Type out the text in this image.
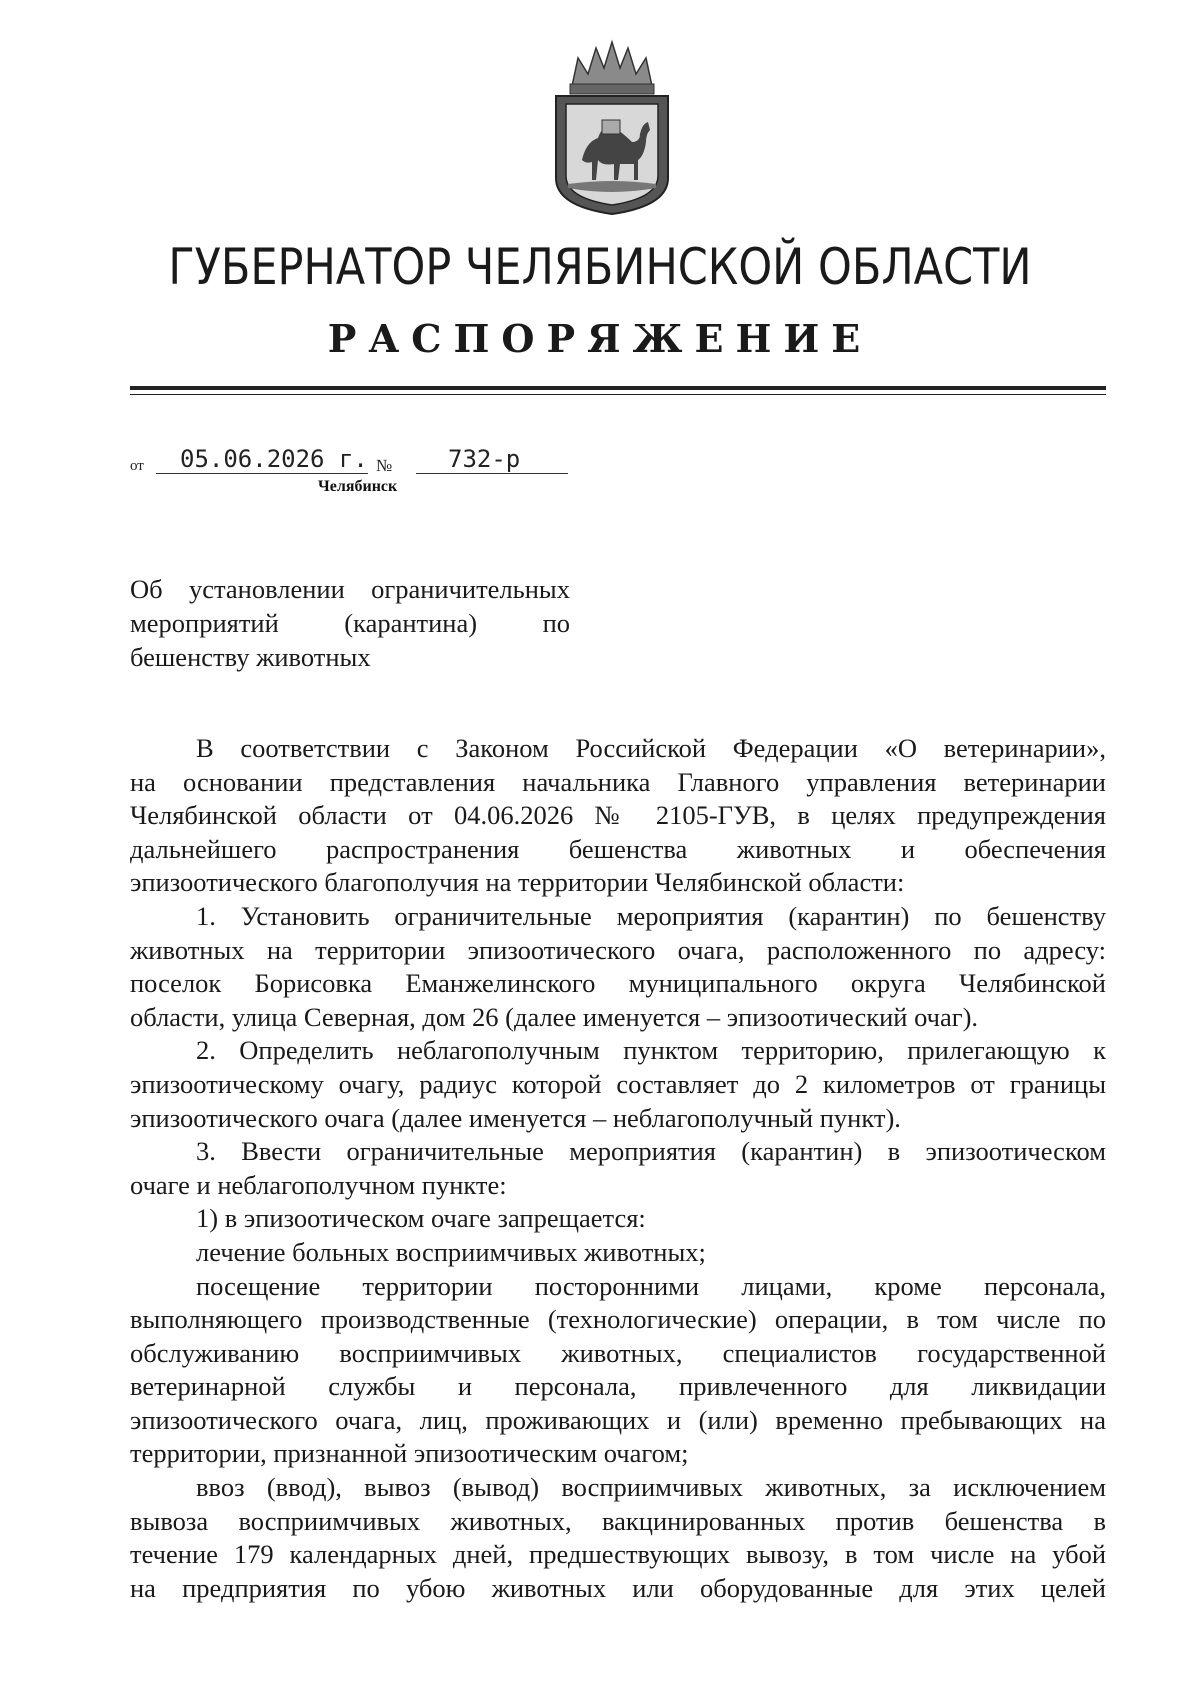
ГУБЕРНАТОР ЧЕЛЯБИНСКОЙ ОБЛАСТИ
РАСПОРЯЖЕНИЕ
от 05.06.2026 г. № 732-р
Челябинск
Об установлении ограничительных
мероприятий (карантина) по
бешенству животных
В соответствии с Законом Российской Федерации «О ветеринарии»,
на основании представления начальника Главного управления ветеринарии
Челябинской области от 04.06.2026 № 2105-ГУВ, в целях предупреждения
дальнейшего распространения бешенства животных и обеспечения
эпизоотического благополучия на территории Челябинской области:
1. Установить ограничительные мероприятия (карантин) по бешенству
животных на территории эпизоотического очага, расположенного по адресу:
поселок Борисовка Еманжелинского муниципального округа Челябинской
области, улица Северная, дом 26 (далее именуется – эпизоотический очаг).
2. Определить неблагополучным пунктом территорию, прилегающую к
эпизоотическому очагу, радиус которой составляет до 2 километров от границы
эпизоотического очага (далее именуется – неблагополучный пункт).
3. Ввести ограничительные мероприятия (карантин) в эпизоотическом
очаге и неблагополучном пункте:
1) в эпизоотическом очаге запрещается:
лечение больных восприимчивых животных;
посещение территории посторонними лицами, кроме персонала,
выполняющего производственные (технологические) операции, в том числе по
обслуживанию восприимчивых животных, специалистов государственной
ветеринарной службы и персонала, привлеченного для ликвидации
эпизоотического очага, лиц, проживающих и (или) временно пребывающих на
территории, признанной эпизоотическим очагом;
ввоз (ввод), вывоз (вывод) восприимчивых животных, за исключением
вывоза восприимчивых животных, вакцинированных против бешенства в
течение 179 календарных дней, предшествующих вывозу, в том числе на убой
на предприятия по убою животных или оборудованные для этих целей
